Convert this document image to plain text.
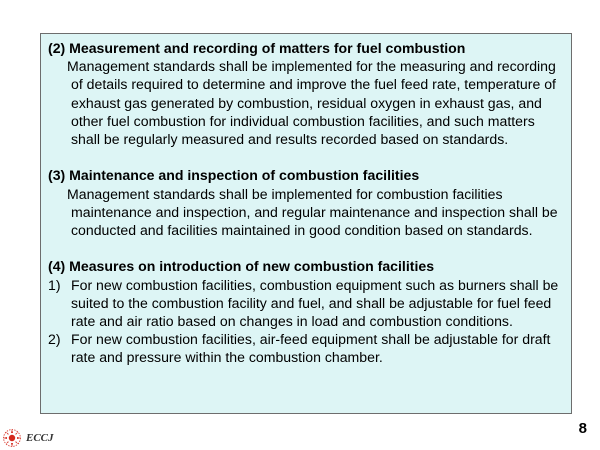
(2) Measurement and recording of matters for fuel combustion

Management standards shall be implemented for the measuring and recording of details required to determine and improve the fuel feed rate, temperature of exhaust gas generated by combustion, residual oxygen in exhaust gas, and other fuel combustion for individual combustion facilities, and such matters shall be regularly measured and results recorded based on standards.

(3) Maintenance and inspection of combustion facilities

Management standards shall be implemented for combustion facilities maintenance and inspection, and regular maintenance and inspection shall be conducted and facilities maintained in good condition based on standards.

(4) Measures on introduction of new combustion facilities

1) For new combustion facilities, combustion equipment such as burners shall be suited to the combustion facility and fuel, and shall be adjustable for fuel feed rate and air ratio based on changes in load and combustion conditions.
2) For new combustion facilities, air-feed equipment shall be adjustable for draft rate and pressure within the combustion chamber.
ECCJ
8
